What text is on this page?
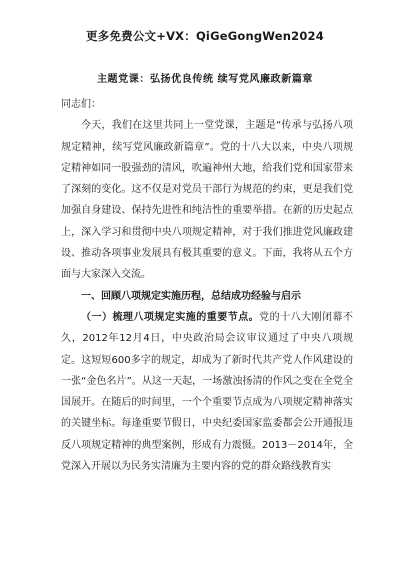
更多免费公文+VX：QiGeGongWen2024
主题党课：弘扬优良传统 续写党风廉政新篇章

同志们：

今天，我们在这里共同上一堂党课，主题是“传承与弘扬八项规定精神，续写党风廉政新篇章”。党的十八大以来，中央八项规定精神如同一股强劲的清风，吹遍神州大地，给我们党和国家带来了深刻的变化。这不仅是对党员干部行为规范的约束，更是我们党加强自身建设、保持先进性和纯洁性的重要举措。在新的历史起点上，深入学习和贯彻中央八项规定精神，对于我们推进党风廉政建设、推动各项事业发展具有极其重要的意义。下面，我将从五个方面与大家深入交流。

一、回顾八项规定实施历程，总结成功经验与启示

（一）梳理八项规定实施的重要节点。党的十八大刚闭幕不久，2012年12月4日，中央政治局会议审议通过了中央八项规定。这短短600多字的规定，却成为了新时代共产党人作风建设的一张“金色名片”。从这一天起，一场激浊扬清的作风之变在全党全国展开。在随后的时间里，一个个重要节点成为八项规定精神落实的关键坐标。每逢重要节假日，中央纪委国家监委都会公开通报违反八项规定精神的典型案例，形成有力震慑。2013－2014年，全党深入开展以为民务实清廉为主要内容的党的群众路线教育实
